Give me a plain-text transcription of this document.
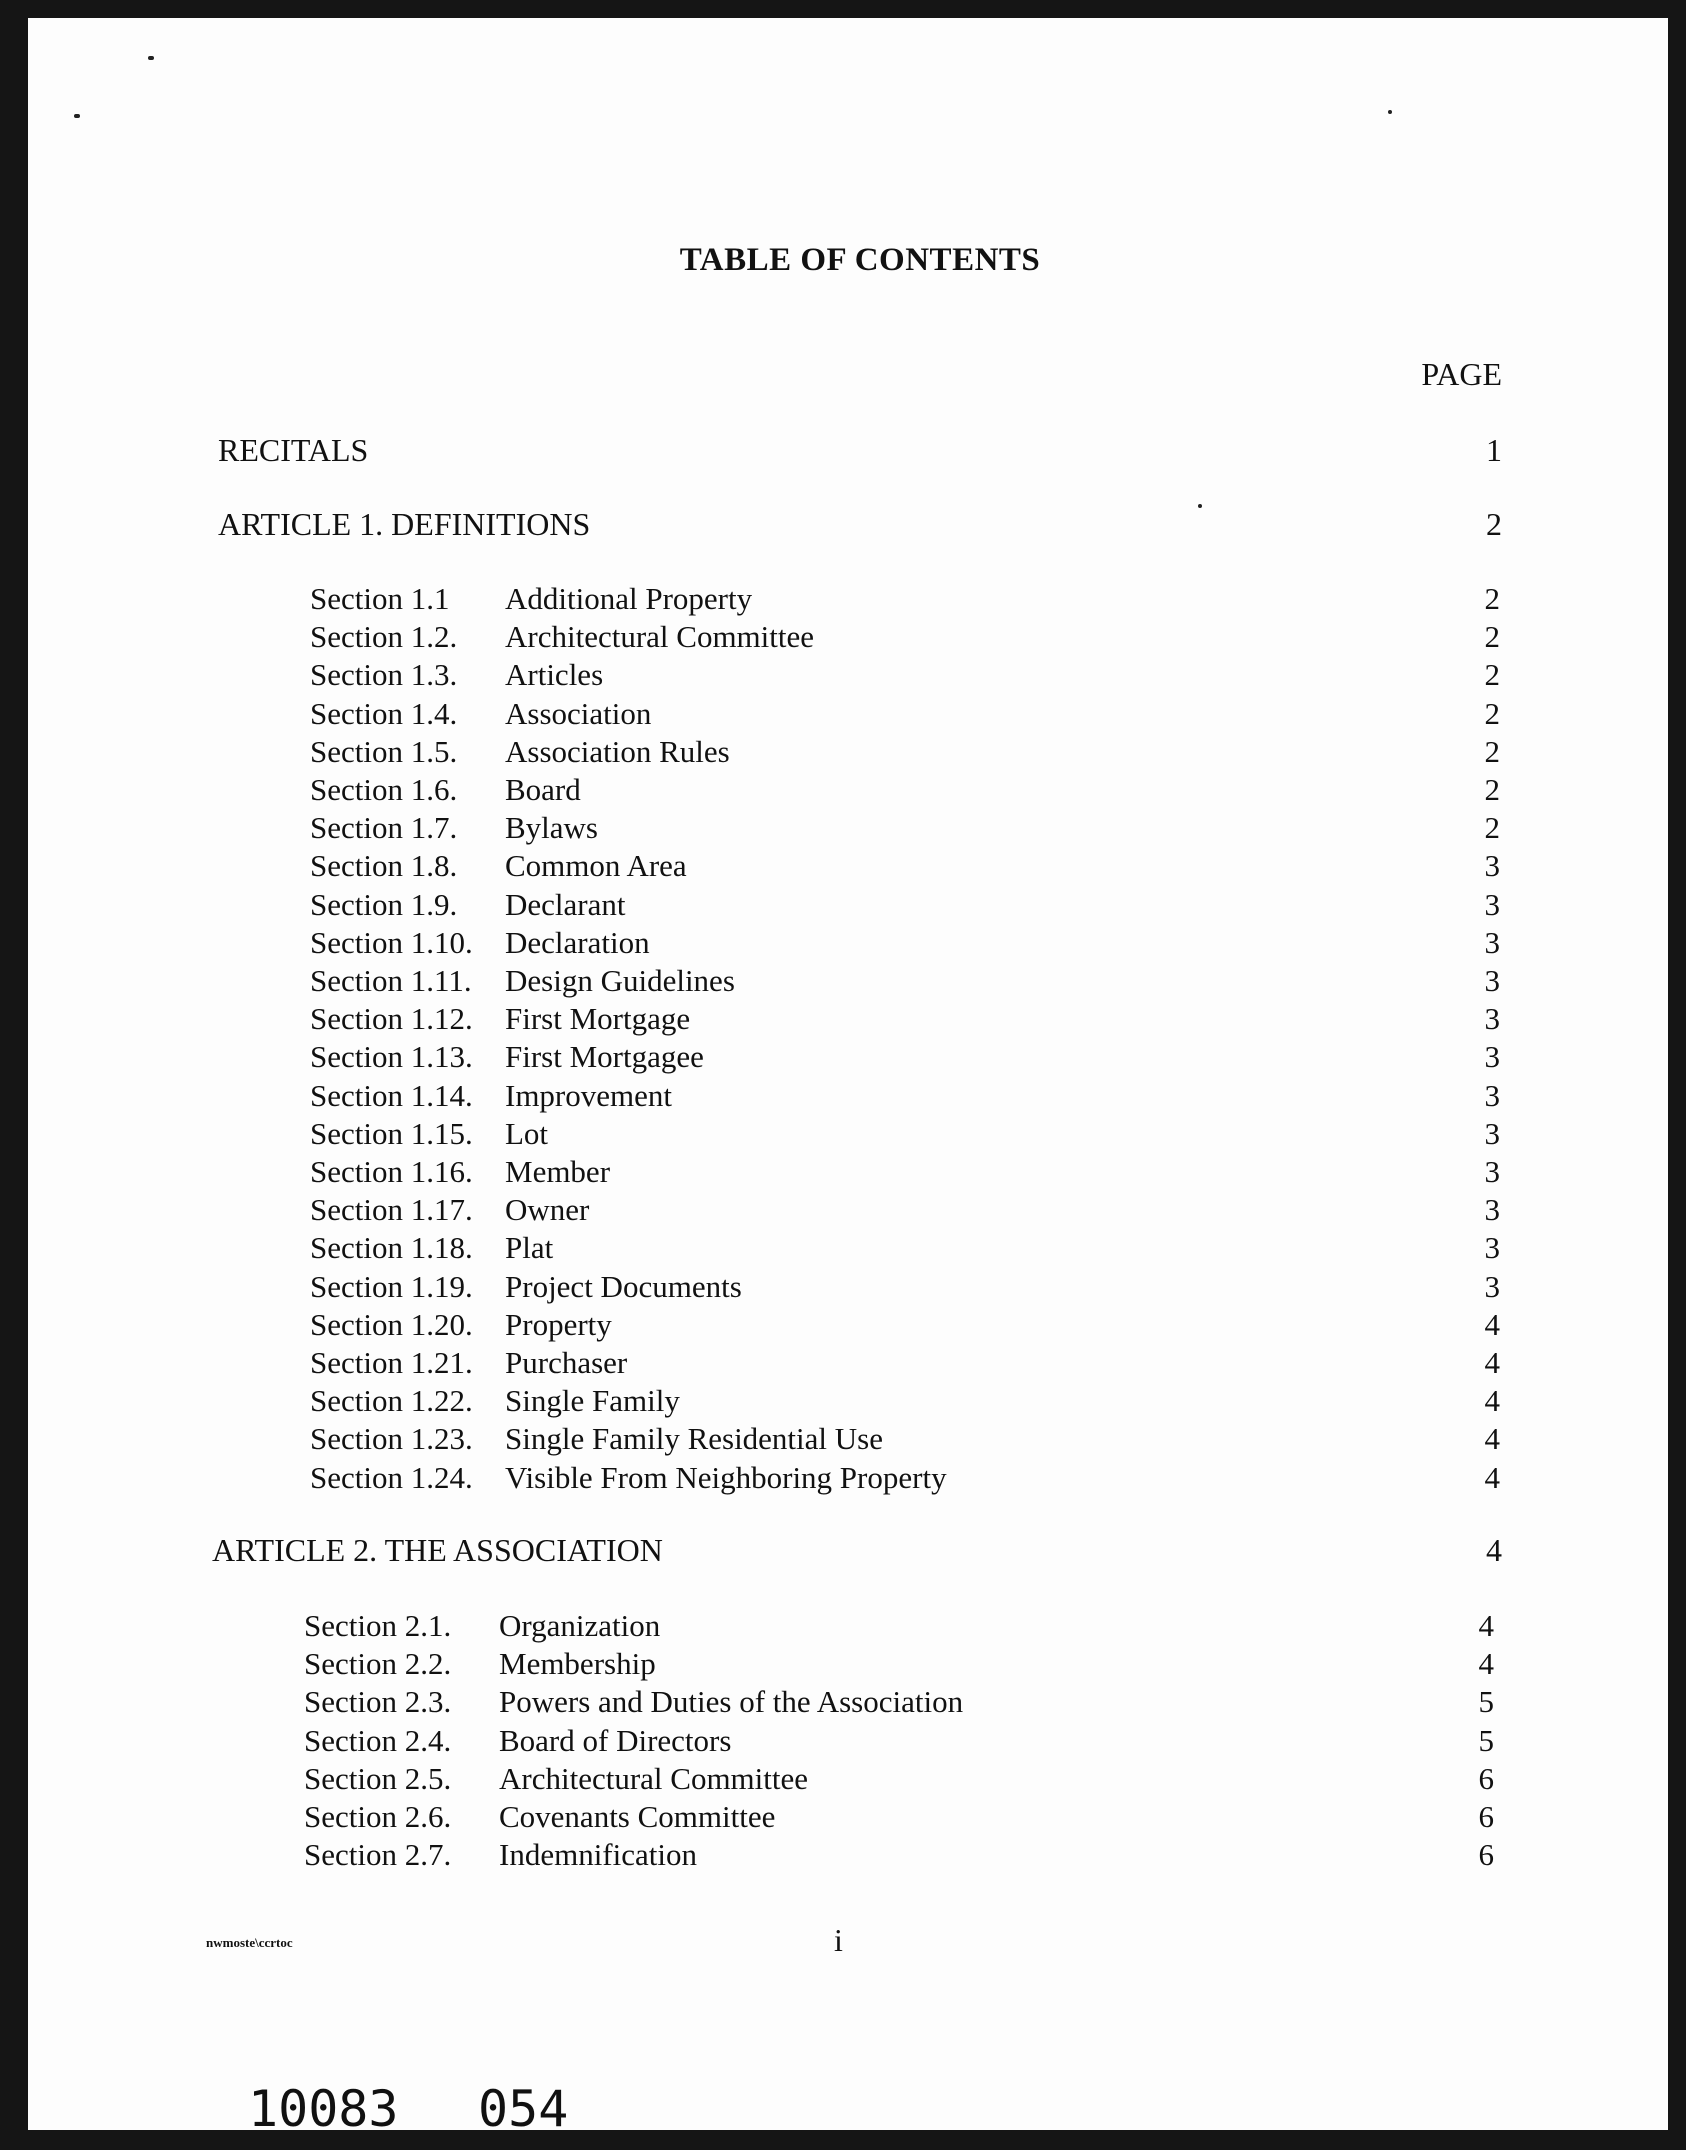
TABLE OF CONTENTS
PAGE
RECITALS	1
ARTICLE 1. DEFINITIONS	2
Section 1.1 Additional Property	2
Section 1.2. Architectural Committee	2
Section 1.3. Articles	2
Section 1.4. Association	2
Section 1.5. Association Rules	2
Section 1.6. Board	2
Section 1.7. Bylaws	2
Section 1.8. Common Area	3
Section 1.9. Declarant	3
Section 1.10. Declaration	3
Section 1.11. Design Guidelines	3
Section 1.12. First Mortgage	3
Section 1.13. First Mortgagee	3
Section 1.14. Improvement	3
Section 1.15. Lot	3
Section 1.16. Member	3
Section 1.17. Owner	3
Section 1.18. Plat	3
Section 1.19. Project Documents	3
Section 1.20. Property	4
Section 1.21. Purchaser	4
Section 1.22. Single Family	4
Section 1.23. Single Family Residential Use	4
Section 1.24. Visible From Neighboring Property	4
ARTICLE 2. THE ASSOCIATION	4
Section 2.1. Organization	4
Section 2.2. Membership	4
Section 2.3. Powers and Duties of the Association	5
Section 2.4. Board of Directors	5
Section 2.5. Architectural Committee	6
Section 2.6. Covenants Committee	6
Section 2.7. Indemnification	6
nwmoste\ccrtoc	i
10083 054
